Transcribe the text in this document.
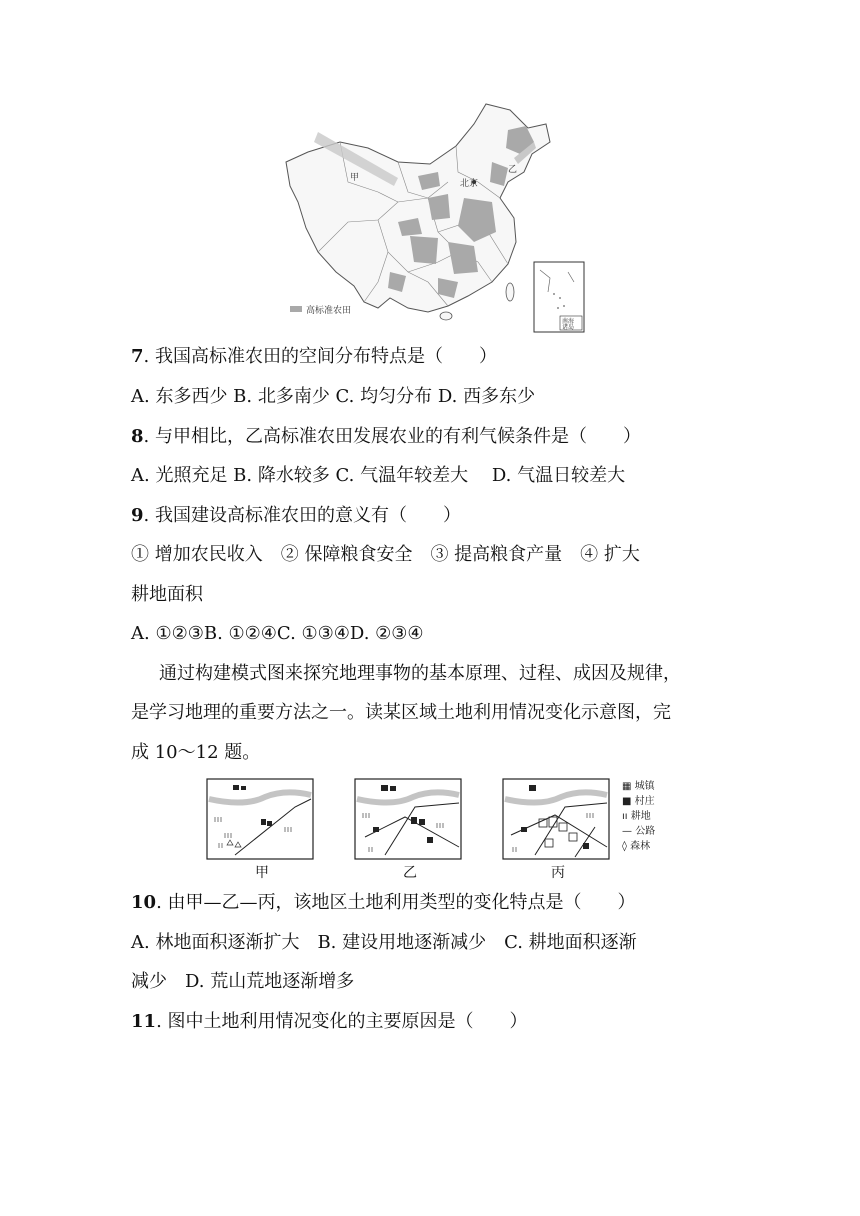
甲
乙
北京
高标准农田
南海
诸岛
7. 我国高标准农田的空间分布特点是（　　）
A. 东多西少 B. 北多南少 C. 均匀分布 D. 西多东少
8. 与甲相比，乙高标准农田发展农业的有利气候条件是（　　）
A. 光照充足 B. 降水较多 C. 气温年较差大　 D. 气温日较差大
9. 我国建设高标准农田的意义有（　　）
① 增加农民收入　② 保障粮食安全　③ 提高粮食产量　④ 扩大
耕地面积
A. ①②③B. ①②④C. ①③④D. ②③④
通过构建模式图来探究地理事物的基本原理、过程、成因及规律，
是学习地理的重要方法之一。读某区域土地利用情况变化示意图，完
成 10～12 题。
甲	乙	丙
▦ 城镇
■ 村庄
ıı 耕地
— 公路
◊ 森林
10. 由甲—乙—丙，该地区土地利用类型的变化特点是（　　）
A. 林地面积逐渐扩大　B. 建设用地逐渐减少　C. 耕地面积逐渐
减少　D. 荒山荒地逐渐增多
11. 图中土地利用情况变化的主要原因是（　　）
